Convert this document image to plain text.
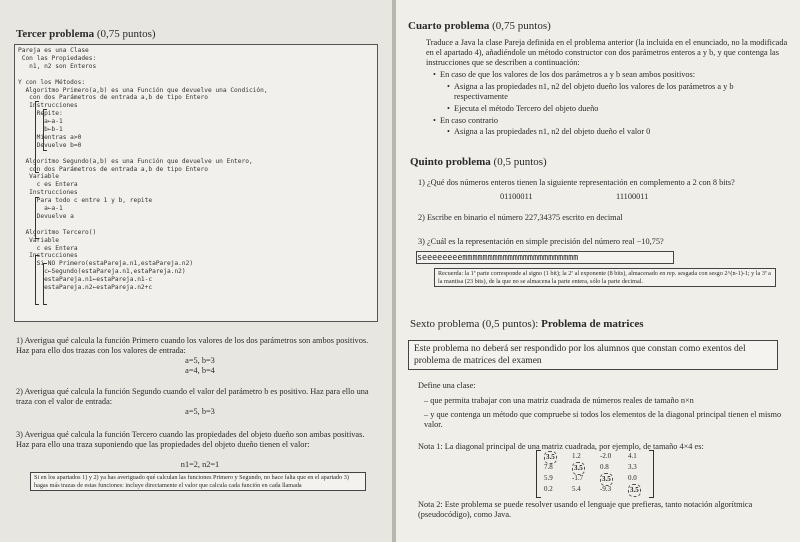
Tercer problema (0,75 puntos)
Pareja es una Clase
Con las Propiedades:
n1, n2 son Enteros
Y con los Métodos:
Algoritmo Primero(a,b) es una Función que devuelve una Condición,
con dos Parámetros de entrada a,b de tipo Entero
Instrucciones
Repite:
a←a-1
b←b-1
Mientras a>0
Devuelve b=0
Algoritmo Segundo(a,b) es una Función que devuelve un Entero,
con dos Parámetros de entrada a,b de tipo Entero
Variable
c es Entera
Instrucciones
Para todo c entre 1 y b, repite
a←a-1
Devuelve a
Algoritmo Tercero()
Variable
c es Entera
Instrucciones
Si NO Primero(estaPareja.n1,estaPareja.n2)
c←Segundo(estaPareja.n1,estaPareja.n2)
estaPareja.n1←estaPareja.n1-c
estaPareja.n2←estaPareja.n2+c
1) Averigua qué calcula la función Primero cuando los valores de los dos parámetros son ambos positivos. Haz para ello dos trazas con los valores de entrada:
a=5, b=3
a=4, b=4
2) Averigua qué calcula la función Segundo cuando el valor del parámetro b es positivo. Haz para ello una traza con el valor de entrada:
a=5, b=3
3) Averigua qué calcula la función Tercero cuando las propiedades del objeto dueño son ambas positivas. Haz para ello una traza suponiendo que las propiedades del objeto dueño tienen el valor:
n1=2, n2=1
Si en los apartados 1) y 2) ya has averiguado qué calculan las funciones Primero y Segundo, no hace falta que en el apartado 3) hagas más trazas de estas funciones: incluye directamente el valor que calcula cada función en cada llamada
Cuarto problema (0,75 puntos)
Traduce a Java la clase Pareja definida en el problema anterior (la incluida en el enunciado, no la modificada en el apartado 4), añadiéndole un método constructor con dos parámetros enteros a y b, y que contenga las instrucciones que se describen a continuación:
• En caso de que los valores de los dos parámetros a y b sean ambos positivos:
• Asigna a las propiedades n1, n2 del objeto dueño los valores de los parámetros a y b respectivamente
• Ejecuta el método Tercero del objeto dueño
• En caso contrario
• Asigna a las propiedades n1, n2 del objeto dueño el valor 0
Quinto problema (0,5 puntos)
1) ¿Qué dos números enteros tienen la siguiente representación en complemento a 2 con 8 bits?
01100011	11100011
2) Escribe en binario el número 227,34375 escrito en decimal
3) ¿Cuál es la representación en simple precisión del número real −10,75?
seeeeeeeemmmmmmmmmmmmmmmmmmmmmmm
Recuerda: la 1ª parte corresponde al signo (1 bit); la 2ª al exponente (8 bits), almacenado en rep. sesgada con sesgo 2^(n-1)-1; y la 3ª a la mantisa (23 bits), de la que no se almacena la parte entera, sólo la parte decimal.
Sexto problema (0,5 puntos): Problema de matrices
Este problema no deberá ser respondido por los alumnos que constan como exentos del problema de matrices del examen
Define una clase:
– que permita trabajar con una matriz cuadrada de números reales de tamaño n×n
– y que contenga un método que compruebe si todos los elementos de la diagonal principal tienen el mismo valor.
Nota 1: La diagonal principal de una matriz cuadrada, por ejemplo, de tamaño 4×4 es:
3.5 1.2	-2.0 4.1
7.8	3.5 0.8	3.3
5.9	-1.7	3.5 0.0
0.2	5.4	-9.3	3.5
Nota 2: Este problema se puede resolver usando el lenguaje que prefieras, tanto notación algorítmica (pseudocódigo), como Java.
